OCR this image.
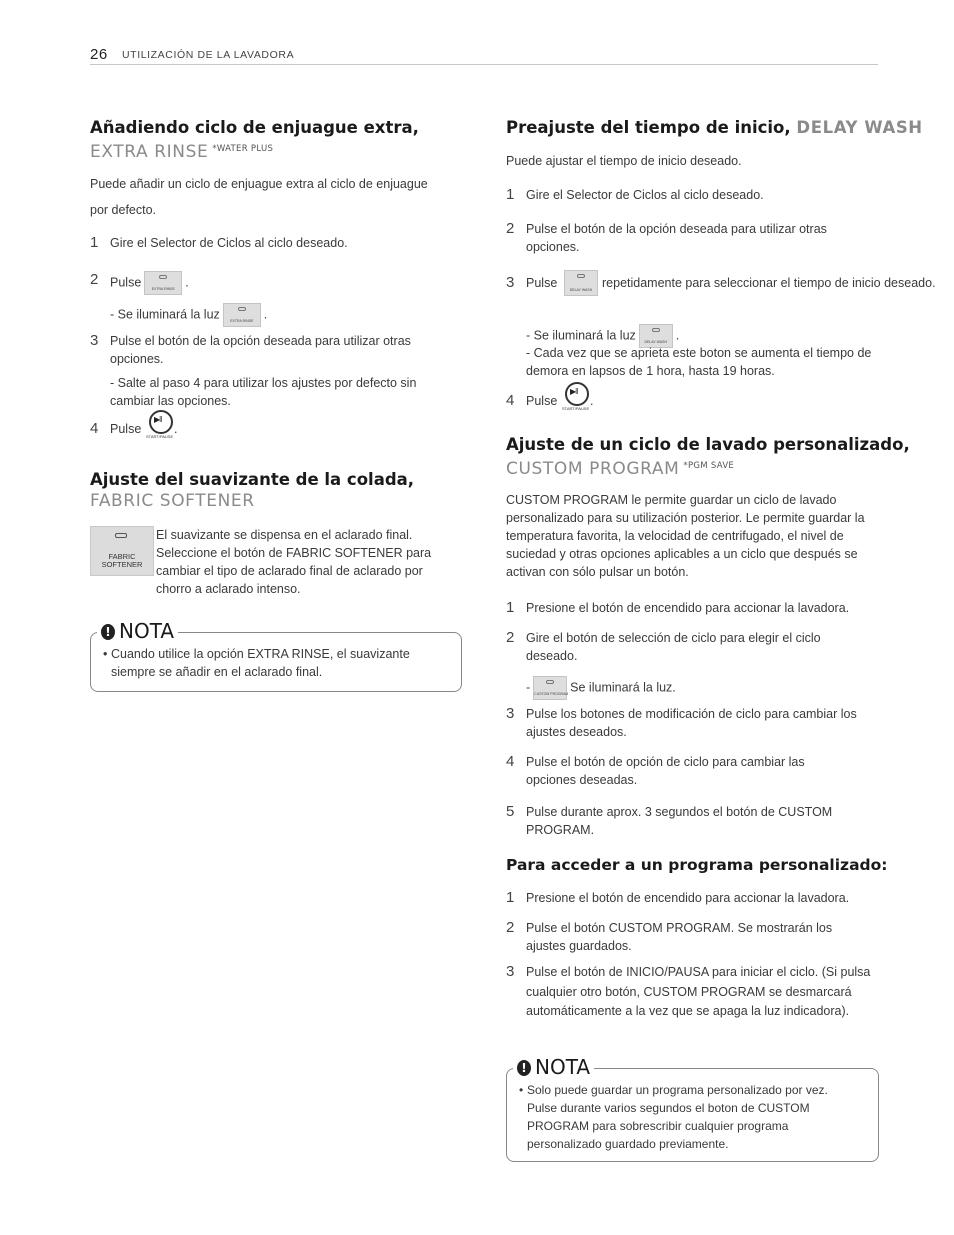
26 UTILIZACIÓN DE LA LAVADORA
Añadiendo ciclo de enjuague extra,
EXTRA RINSE $^{*WATER PLUS}$
Puede añadir un ciclo de enjuague extra al ciclo de enjuague
por defecto.
1 Gire el Selector de Ciclos al ciclo deseado.
2 Pulse	EXTRA RINSE .
- Se iluminará la luz	EXTRA RINSE .
3 Pulse el botón de la opción deseada para utilizar otras opciones.
- Salte al paso 4 para utilizar los ajustes por defecto sin cambiar las opciones.
4 Pulse
▶‖
START/PAUSE
.
Ajuste del suavizante de la colada,
FABRIC SOFTENER
FABRIC SOFTENER
El suavizante se dispensa en el aclarado final. Seleccione el botón de FABRIC SOFTENER para cambiar el tipo de aclarado final de aclarado por chorro a aclarado intenso.
! NOTA
• Cuando utilice la opción EXTRA RINSE, el suavizante siempre se añadir en el aclarado final.
Preajuste del tiempo de inicio, DELAY WASH
Puede ajustar el tiempo de inicio deseado.
1 Gire el Selector de Ciclos al ciclo deseado.
2 Pulse el botón de la opción deseada para utilizar otras opciones.
3 Pulse	DELAY WASH repetidamente para seleccionar el tiempo de inicio deseado.
- Se iluminará la luz	DELAY WASH .
- Cada vez que se aprieta este boton se aumenta el tiempo de demora en lapsos de 1 hora, hasta 19 horas.
4 Pulse
▶‖
START/PAUSE
.
Ajuste de un ciclo de lavado personalizado,
CUSTOM PROGRAM $^{*PGM SAVE}$
CUSTOM PROGRAM le permite guardar un ciclo de lavado personalizado para su utilización posterior. Le permite guardar la temperatura favorita, la velocidad de centrifugado, el nivel de suciedad y otras opciones aplicables a un ciclo que después se activan con sólo pulsar un botón.
1 Presione el botón de encendido para accionar la lavadora.
2 Gire el botón de selección de ciclo para elegir el ciclo deseado.
- CUSTOM PROGRAM Se iluminará la luz.
3 Pulse los botones de modificación de ciclo para cambiar los ajustes deseados.
4 Pulse el botón de opción de ciclo para cambiar las opciones deseadas.
5 Pulse durante aprox. 3 segundos el botón de CUSTOM PROGRAM.
Para acceder a un programa personalizado:
1 Presione el botón de encendido para accionar la lavadora.
2 Pulse el botón CUSTOM PROGRAM. Se mostrarán los ajustes guardados.
3 Pulse el botón de INICIO/PAUSA para iniciar el ciclo. (Si pulsa cualquier otro botón, CUSTOM PROGRAM se desmarcará automáticamente a la vez que se apaga la luz indicadora).
! NOTA
• Solo puede guardar un programa personalizado por vez. Pulse durante varios segundos el boton de CUSTOM PROGRAM para sobrescribir cualquier programa personalizado guardado previamente.
